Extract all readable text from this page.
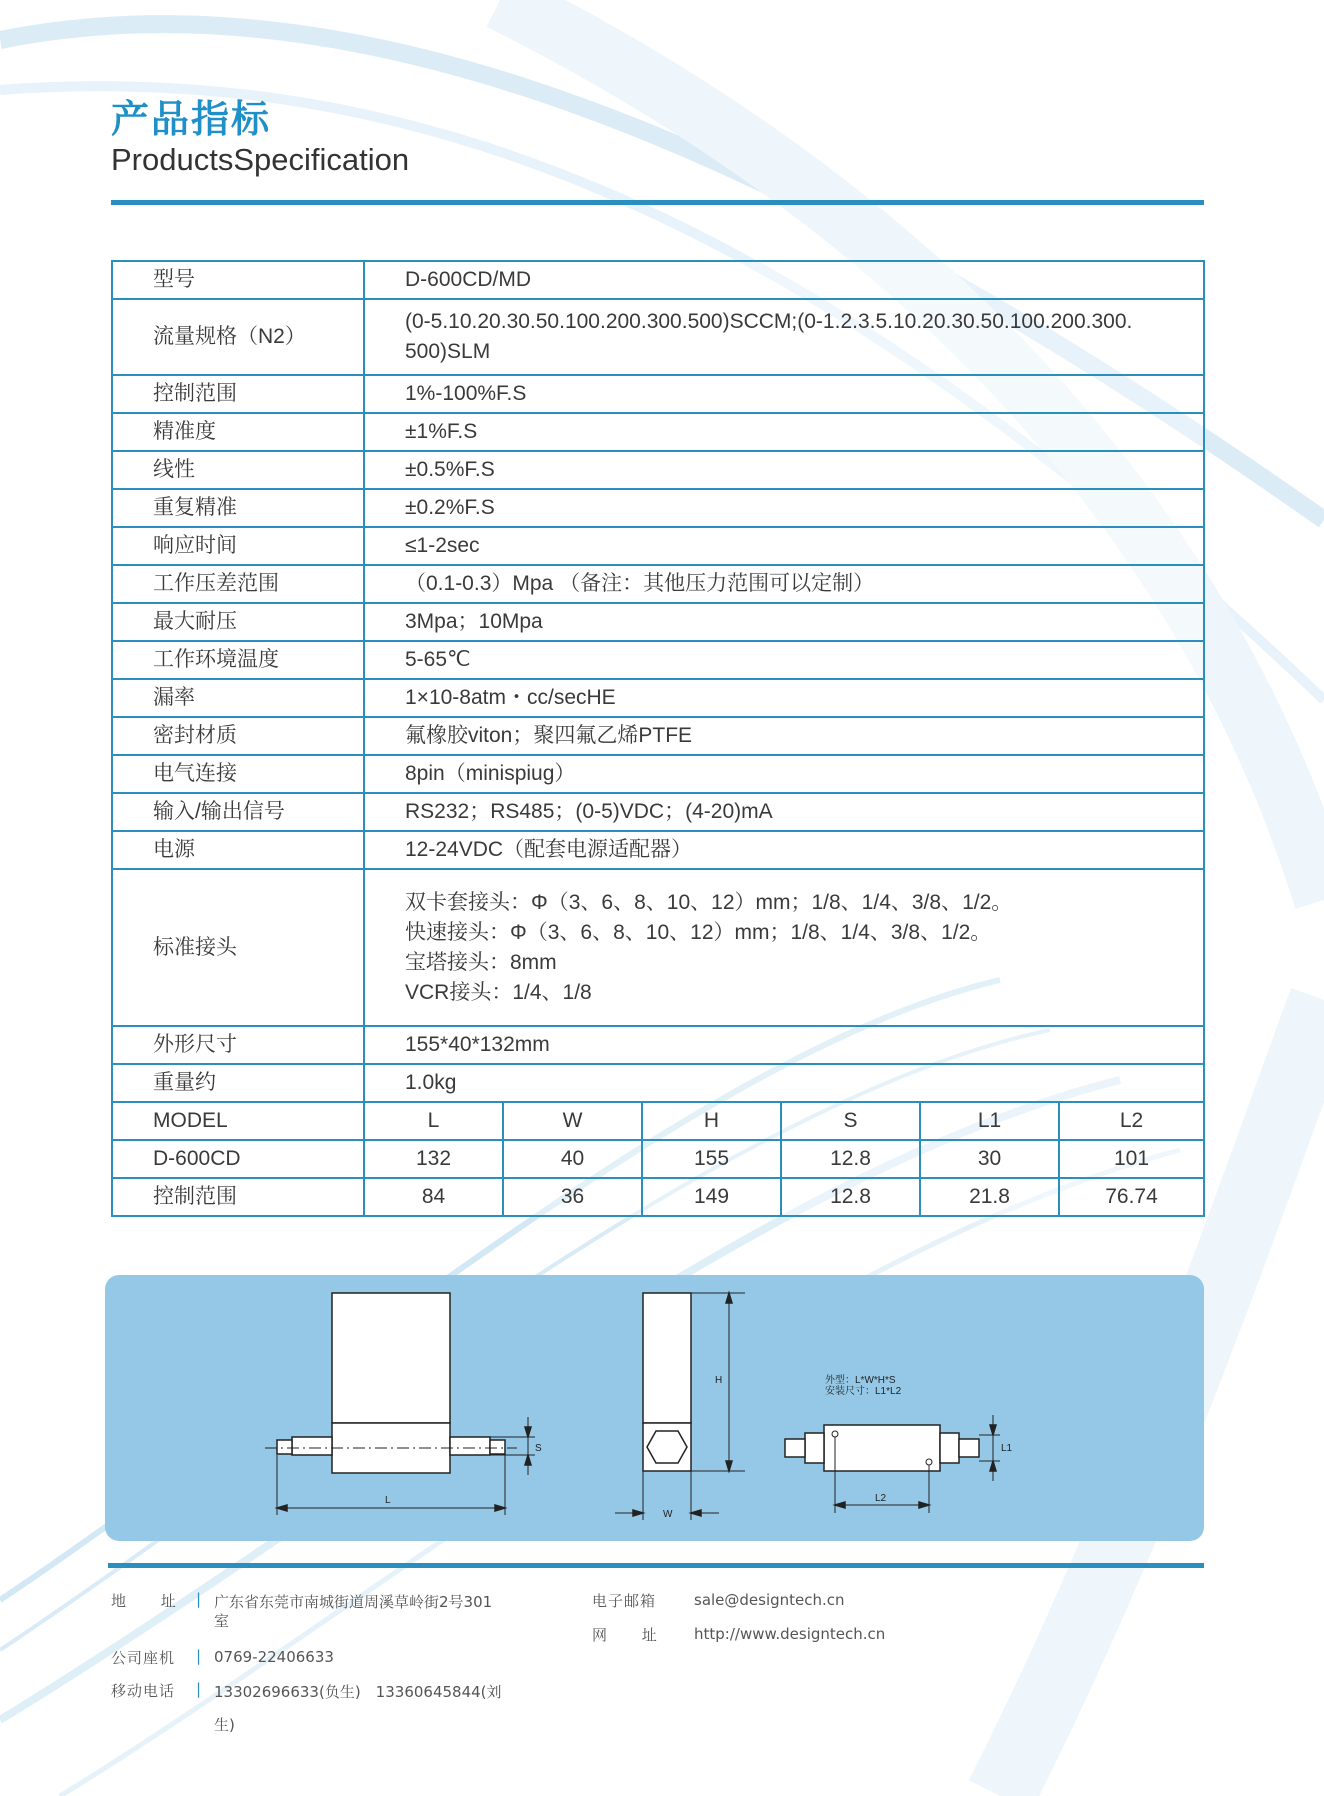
产品指标
ProductsSpecification
型号	D-600CD/MD					
流量规格（N2）	(0-5.10.20.30.50.100.200.300.500)SCCM;(0-1.2.3.5.10.20.30.50.100.200.300.
500)SLM					

控制范围	1%-100%F.S					
精准度	±1%F.S					
线性	±0.5%F.S					
重复精准	±0.2%F.S					
响应时间	≤1-2sec					
工作压差范围	（0.1-0.3）Mpa （备注：其他压力范围可以定制）					
最大耐压	3Mpa；10Mpa					
工作环境温度	5-65℃					
漏率	1×10-8atm・cc/secHE					
密封材质	氟橡胶viton；聚四氟乙烯PTFE					
电气连接	8pin（minispiug）					
输入/输出信号	RS232；RS485；(0-5)VDC；(4-20)mA					
电源	12-24VDC（配套电源适配器）					
标准接头	双卡套接头：Φ（3、6、8、10、12）mm；1/8、1/4、3/8、1/2。
快速接头：Φ（3、6、8、10、12）mm；1/8、1/4、3/8、1/2。
宝塔接头：8mm
VCR接头：1/4、1/8					

外形尺寸	155*40*132mm					
重量约	1.0kg					
MODEL	L	W	H	S	L1	L2
D-600CD	132	40	155	12.8	30	101
控制范围	84	36	149	12.8	21.8	76.74
L
S
H
W
外型：L*W*H*S
安装尺寸：L1*L2
L1
L2
地 址 | 广东省东莞市南城街道周溪草岭街2号301
室
公司座机 | 0769-22406633
移动电话 | 13302696633(负生)　13360645844(刘
生)
电子邮箱	sale@designtech.cn
网 址 http://www.designtech.cn
